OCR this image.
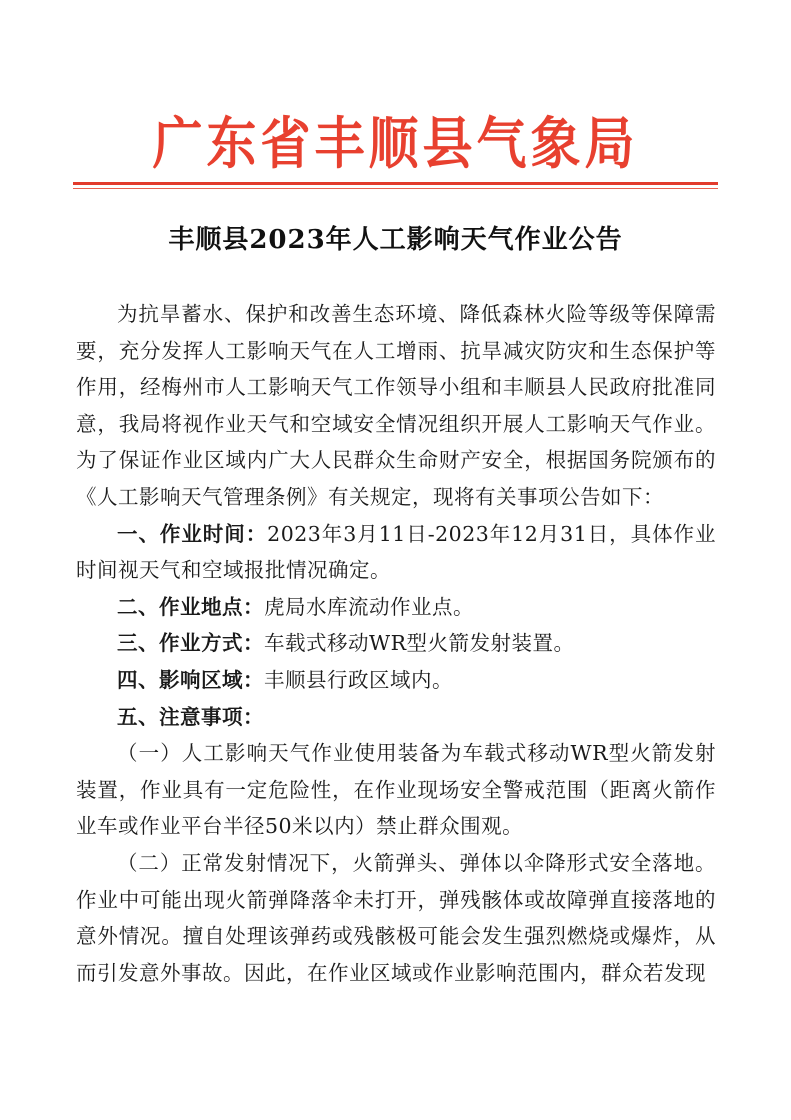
广东省丰顺县气象局
丰顺县2023年人工影响天气作业公告

为抗旱蓄水、保护和改善生态环境、降低森林火险等级等保障需要，充分发挥人工影响天气在人工增雨、抗旱减灾防灾和生态保护等作用，经梅州市人工影响天气工作领导小组和丰顺县人民政府批准同意，我局将视作业天气和空域安全情况组织开展人工影响天气作业。为了保证作业区域内广大人民群众生命财产安全，根据国务院颁布的《人工影响天气管理条例》有关规定，现将有关事项公告如下：

一、作业时间：2023年3月11日-2023年12月31日，具体作业时间视天气和空域报批情况确定。

二、作业地点：虎局水库流动作业点。

三、作业方式：车载式移动WR型火箭发射装置。

四、影响区域：丰顺县行政区域内。

五、注意事项：

（一）人工影响天气作业使用装备为车载式移动WR型火箭发射装置，作业具有一定危险性，在作业现场安全警戒范围（距离火箭作业车或作业平台半径50米以内）禁止群众围观。

（二）正常发射情况下，火箭弹头、弹体以伞降形式安全落地。作业中可能出现火箭弹降落伞未打开，弹残骸体或故障弹直接落地的意外情况。擅自处理该弹药或残骸极可能会发生强烈燃烧或爆炸，从而引发意外事故。因此，在作业区域或作业影响范围内，群众若发现
